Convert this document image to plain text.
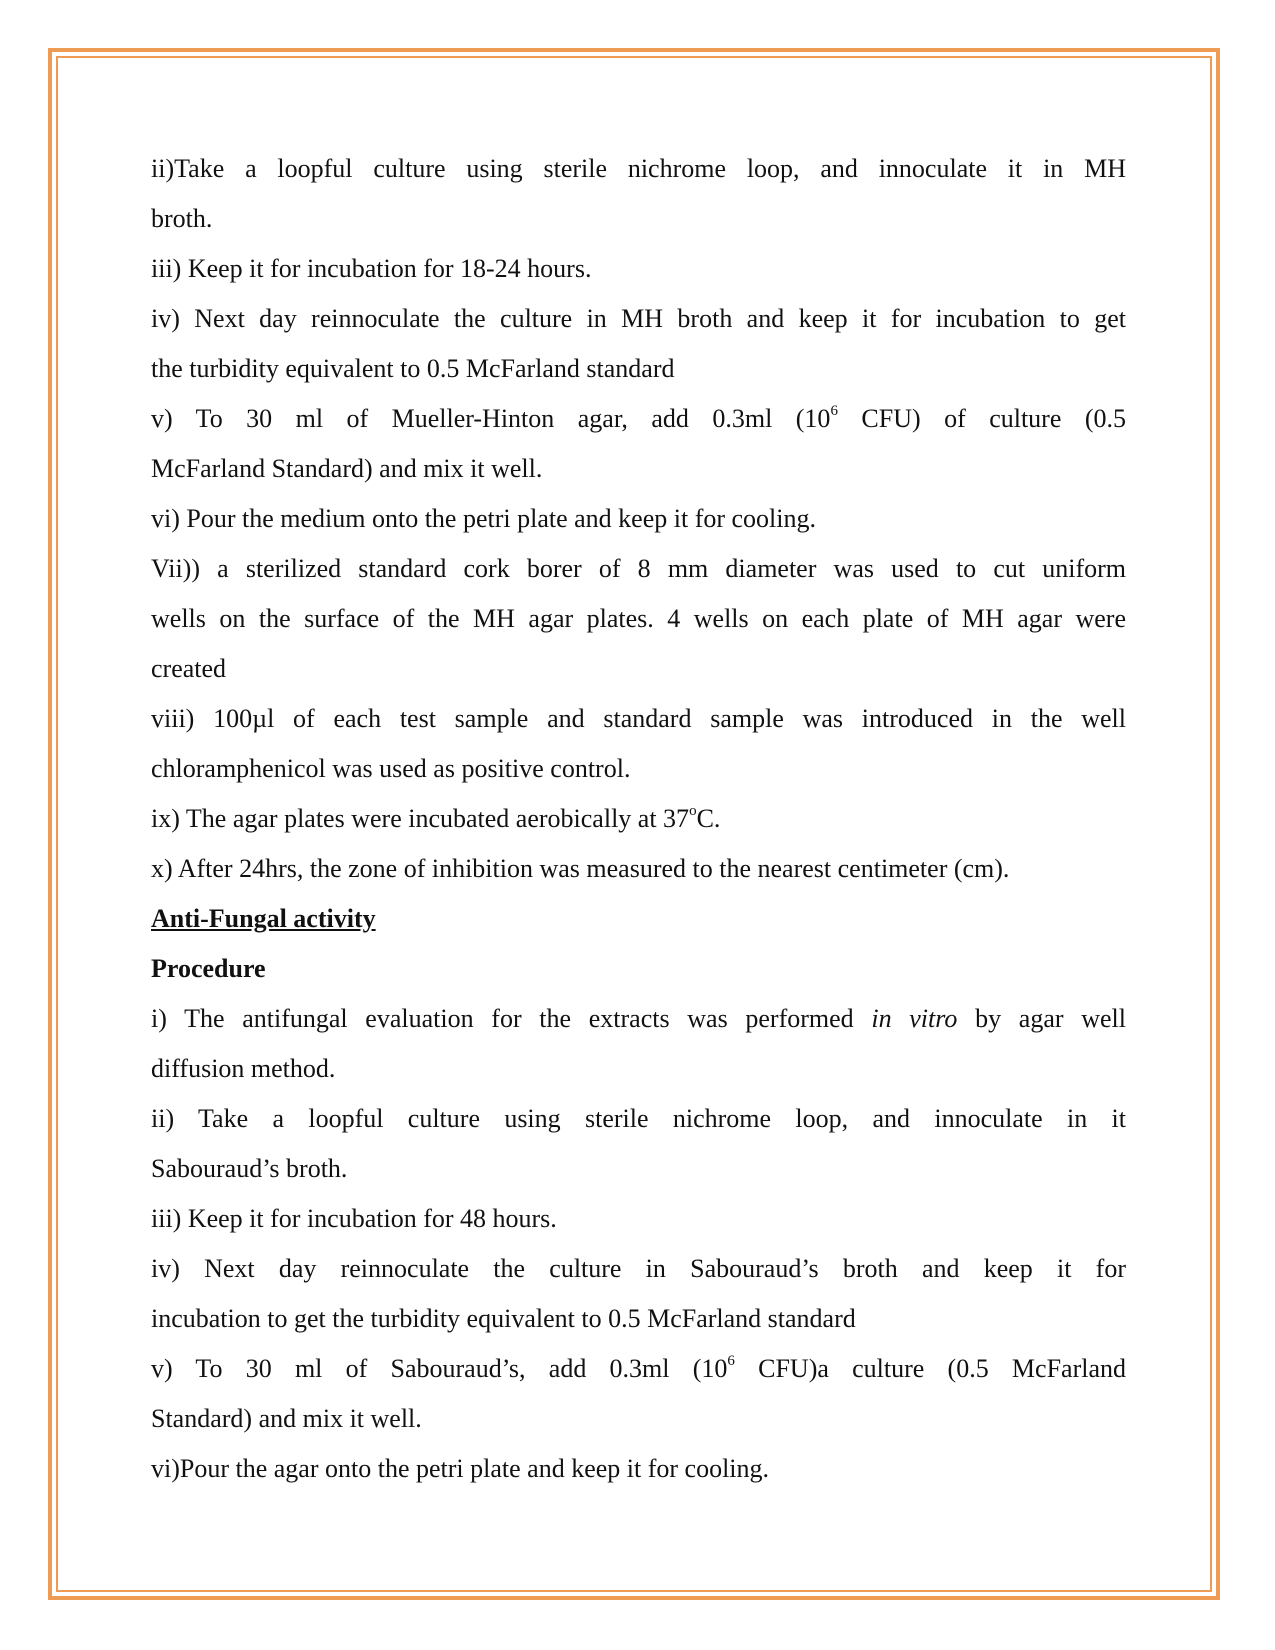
ii)Take a loopful culture using sterile nichrome loop, and innoculate it in MH
broth.
iii) Keep it for incubation for 18-24 hours.
iv) Next day reinnoculate the culture in MH broth and keep it for incubation to get
the turbidity equivalent to 0.5 McFarland standard
v) To 30 ml of Mueller-Hinton agar, add 0.3ml ($10^6$ CFU) of culture (0.5
McFarland Standard) and mix it well.
vi) Pour the medium onto the petri plate and keep it for cooling.
Vii)) a sterilized standard cork borer of 8 mm diameter was used to cut uniform
wells on the surface of the MH agar plates. 4 wells on each plate of MH agar were
created
viii) 100µl of each test sample and standard sample was introduced in the well
chloramphenicol was used as positive control.
ix) The agar plates were incubated aerobically at 37$^o$C.
x) After 24hrs, the zone of inhibition was measured to the nearest centimeter (cm).
Anti-Fungal activity
Procedure
i) The antifungal evaluation for the extracts was performed in vitro by agar well
diffusion method.
ii) Take a loopful culture using sterile nichrome loop, and innoculate in it
Sabouraud’s broth.
iii) Keep it for incubation for 48 hours.
iv) Next day reinnoculate the culture in Sabouraud’s broth and keep it for
incubation to get the turbidity equivalent to 0.5 McFarland standard
v) To 30 ml of Sabouraud’s, add 0.3ml ($10^6$ CFU)a culture (0.5 McFarland
Standard) and mix it well.
vi)Pour the agar onto the petri plate and keep it for cooling.
